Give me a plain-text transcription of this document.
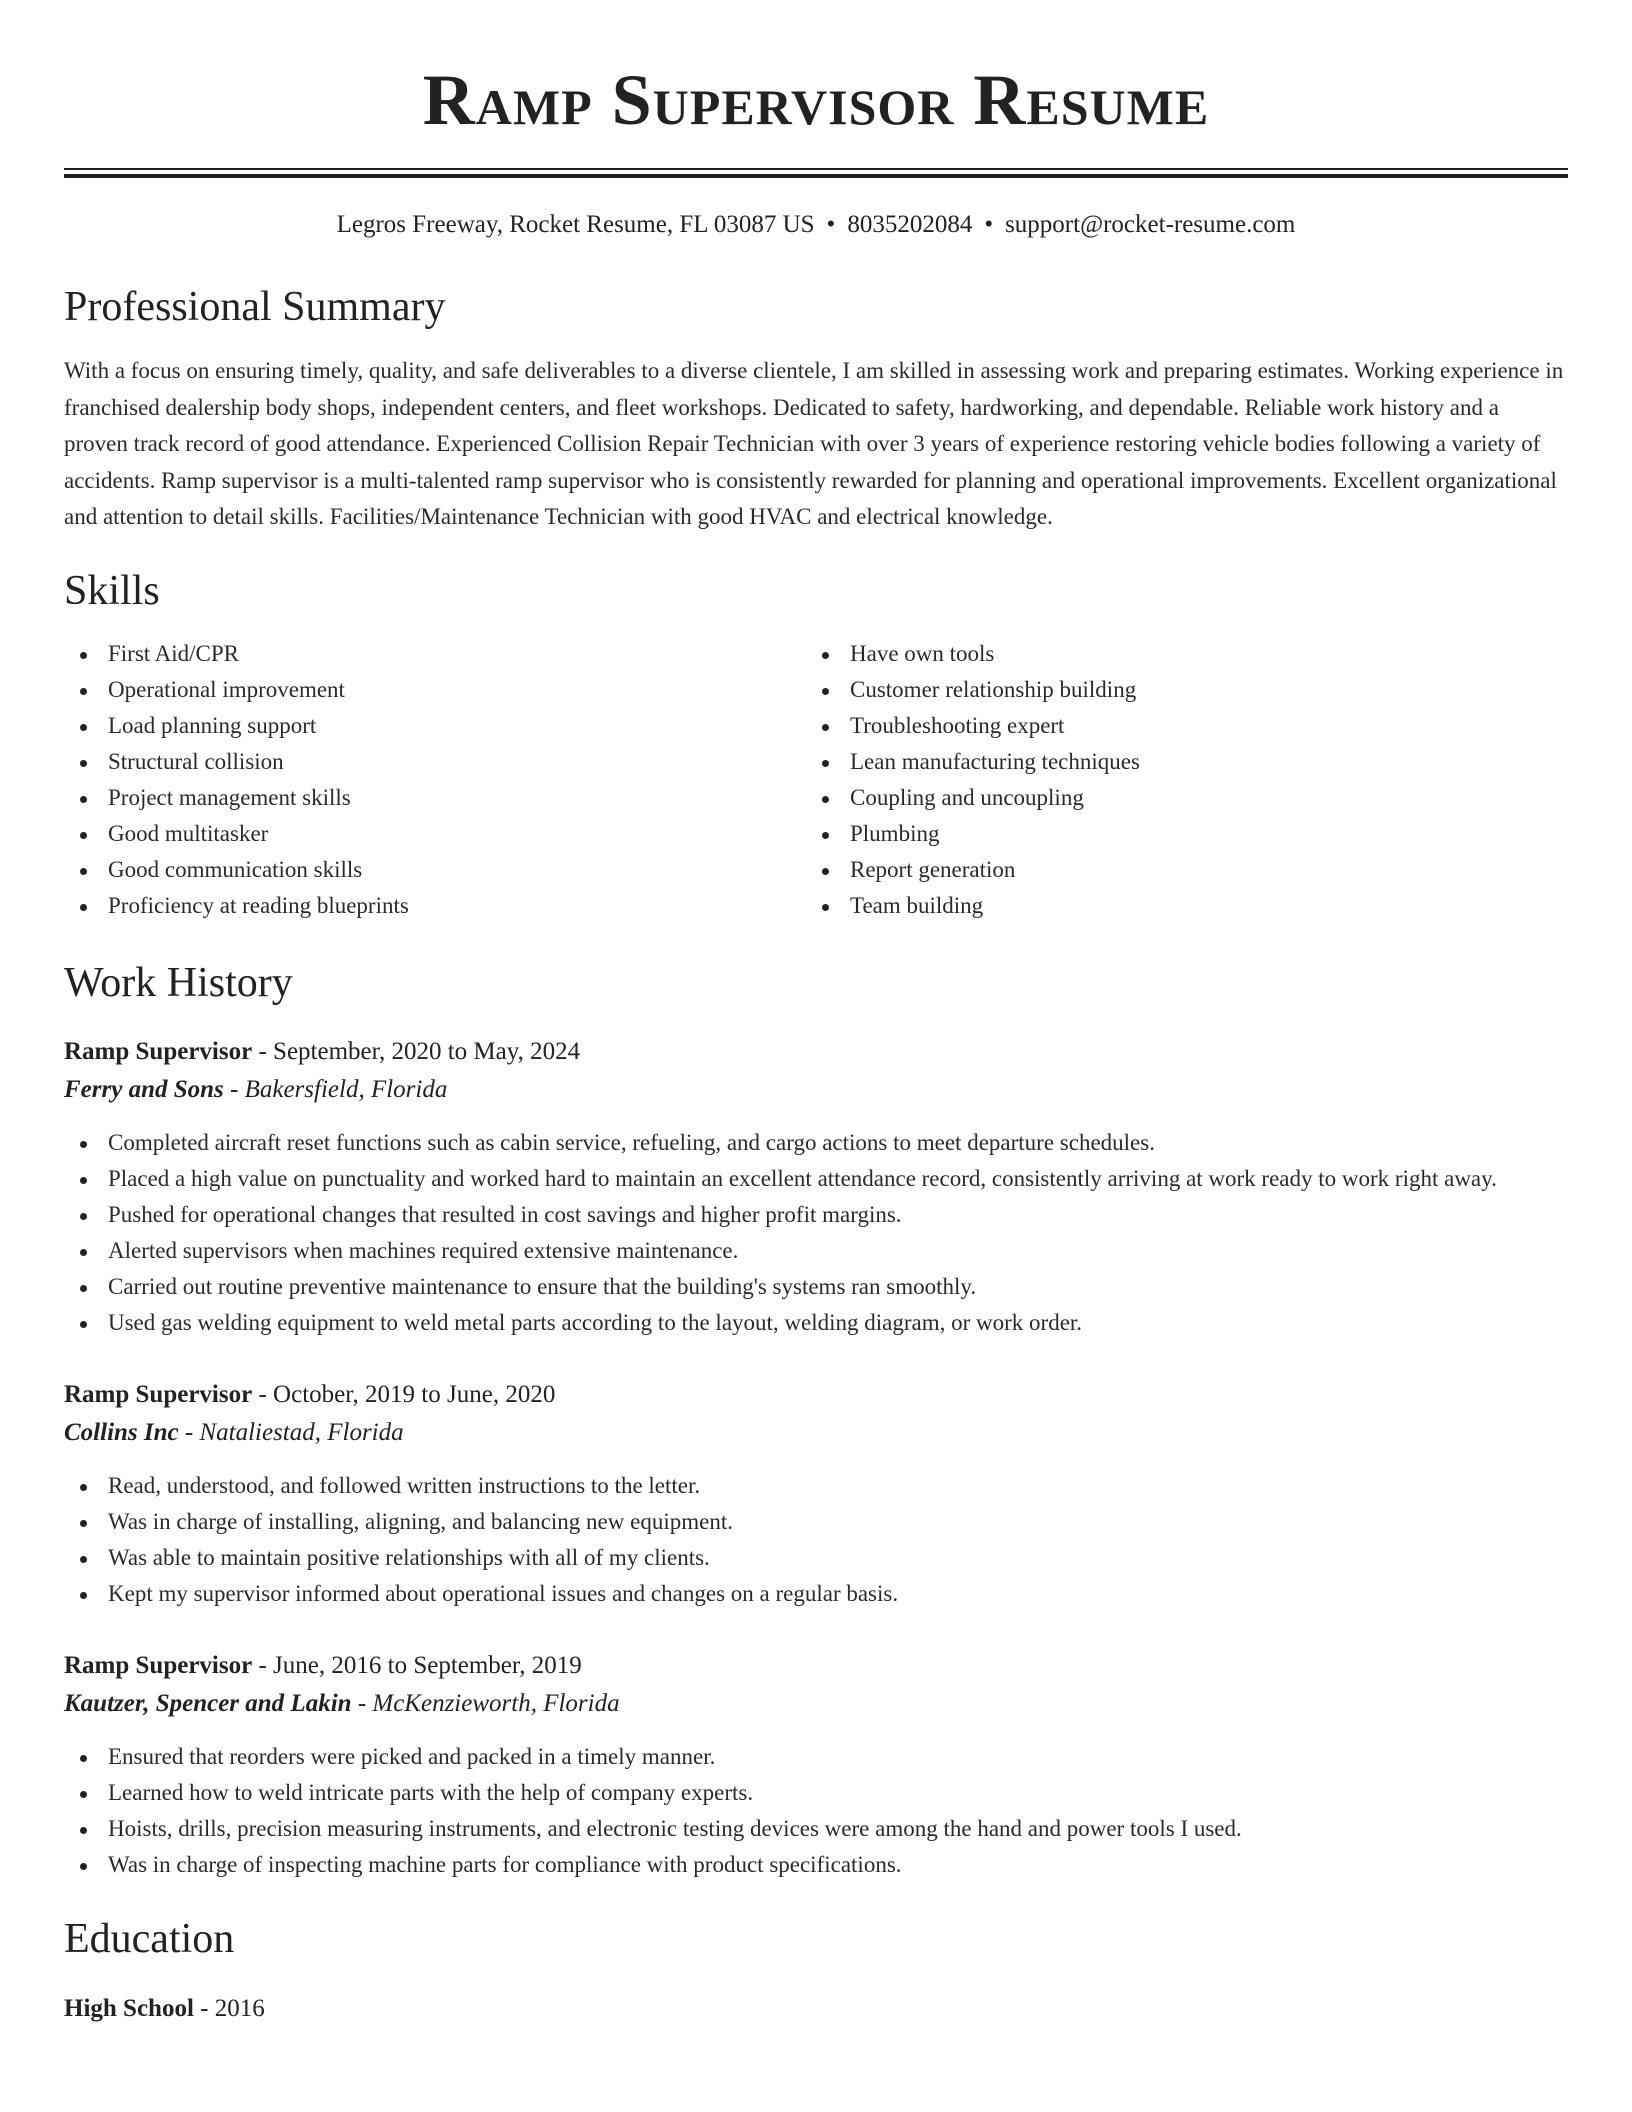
Ramp Supervisor Resume
Legros Freeway, Rocket Resume, FL 03087 US • 8035202084 • support@rocket-resume.com
Professional Summary

With a focus on ensuring timely, quality, and safe deliverables to a diverse clientele, I am skilled in assessing work and preparing estimates. Working experience in franchised dealership body shops, independent centers, and fleet workshops. Dedicated to safety, hardworking, and dependable. Reliable work history and a proven track record of good attendance. Experienced Collision Repair Technician with over 3 years of experience restoring vehicle bodies following a variety of accidents. Ramp supervisor is a multi-talented ramp supervisor who is consistently rewarded for planning and operational improvements. Excellent organizational and attention to detail skills. Facilities/Maintenance Technician with good HVAC and electrical knowledge.

Skills
First Aid/CPR
Operational improvement
Load planning support
Structural collision
Project management skills
Good multitasker
Good communication skills
Proficiency at reading blueprints
Have own tools
Customer relationship building
Troubleshooting expert
Lean manufacturing techniques
Coupling and uncoupling
Plumbing
Report generation
Team building
Work History
Ramp Supervisor - September, 2020 to May, 2024
Ferry and Sons - Bakersfield, Florida
Completed aircraft reset functions such as cabin service, refueling, and cargo actions to meet departure schedules.
Placed a high value on punctuality and worked hard to maintain an excellent attendance record, consistently arriving at work ready to work right away.
Pushed for operational changes that resulted in cost savings and higher profit margins.
Alerted supervisors when machines required extensive maintenance.
Carried out routine preventive maintenance to ensure that the building's systems ran smoothly.
Used gas welding equipment to weld metal parts according to the layout, welding diagram, or work order.
Ramp Supervisor - October, 2019 to June, 2020
Collins Inc - Nataliestad, Florida
Read, understood, and followed written instructions to the letter.
Was in charge of installing, aligning, and balancing new equipment.
Was able to maintain positive relationships with all of my clients.
Kept my supervisor informed about operational issues and changes on a regular basis.
Ramp Supervisor - June, 2016 to September, 2019
Kautzer, Spencer and Lakin - McKenzieworth, Florida
Ensured that reorders were picked and packed in a timely manner.
Learned how to weld intricate parts with the help of company experts.
Hoists, drills, precision measuring instruments, and electronic testing devices were among the hand and power tools I used.
Was in charge of inspecting machine parts for compliance with product specifications.
Education
High School - 2016
